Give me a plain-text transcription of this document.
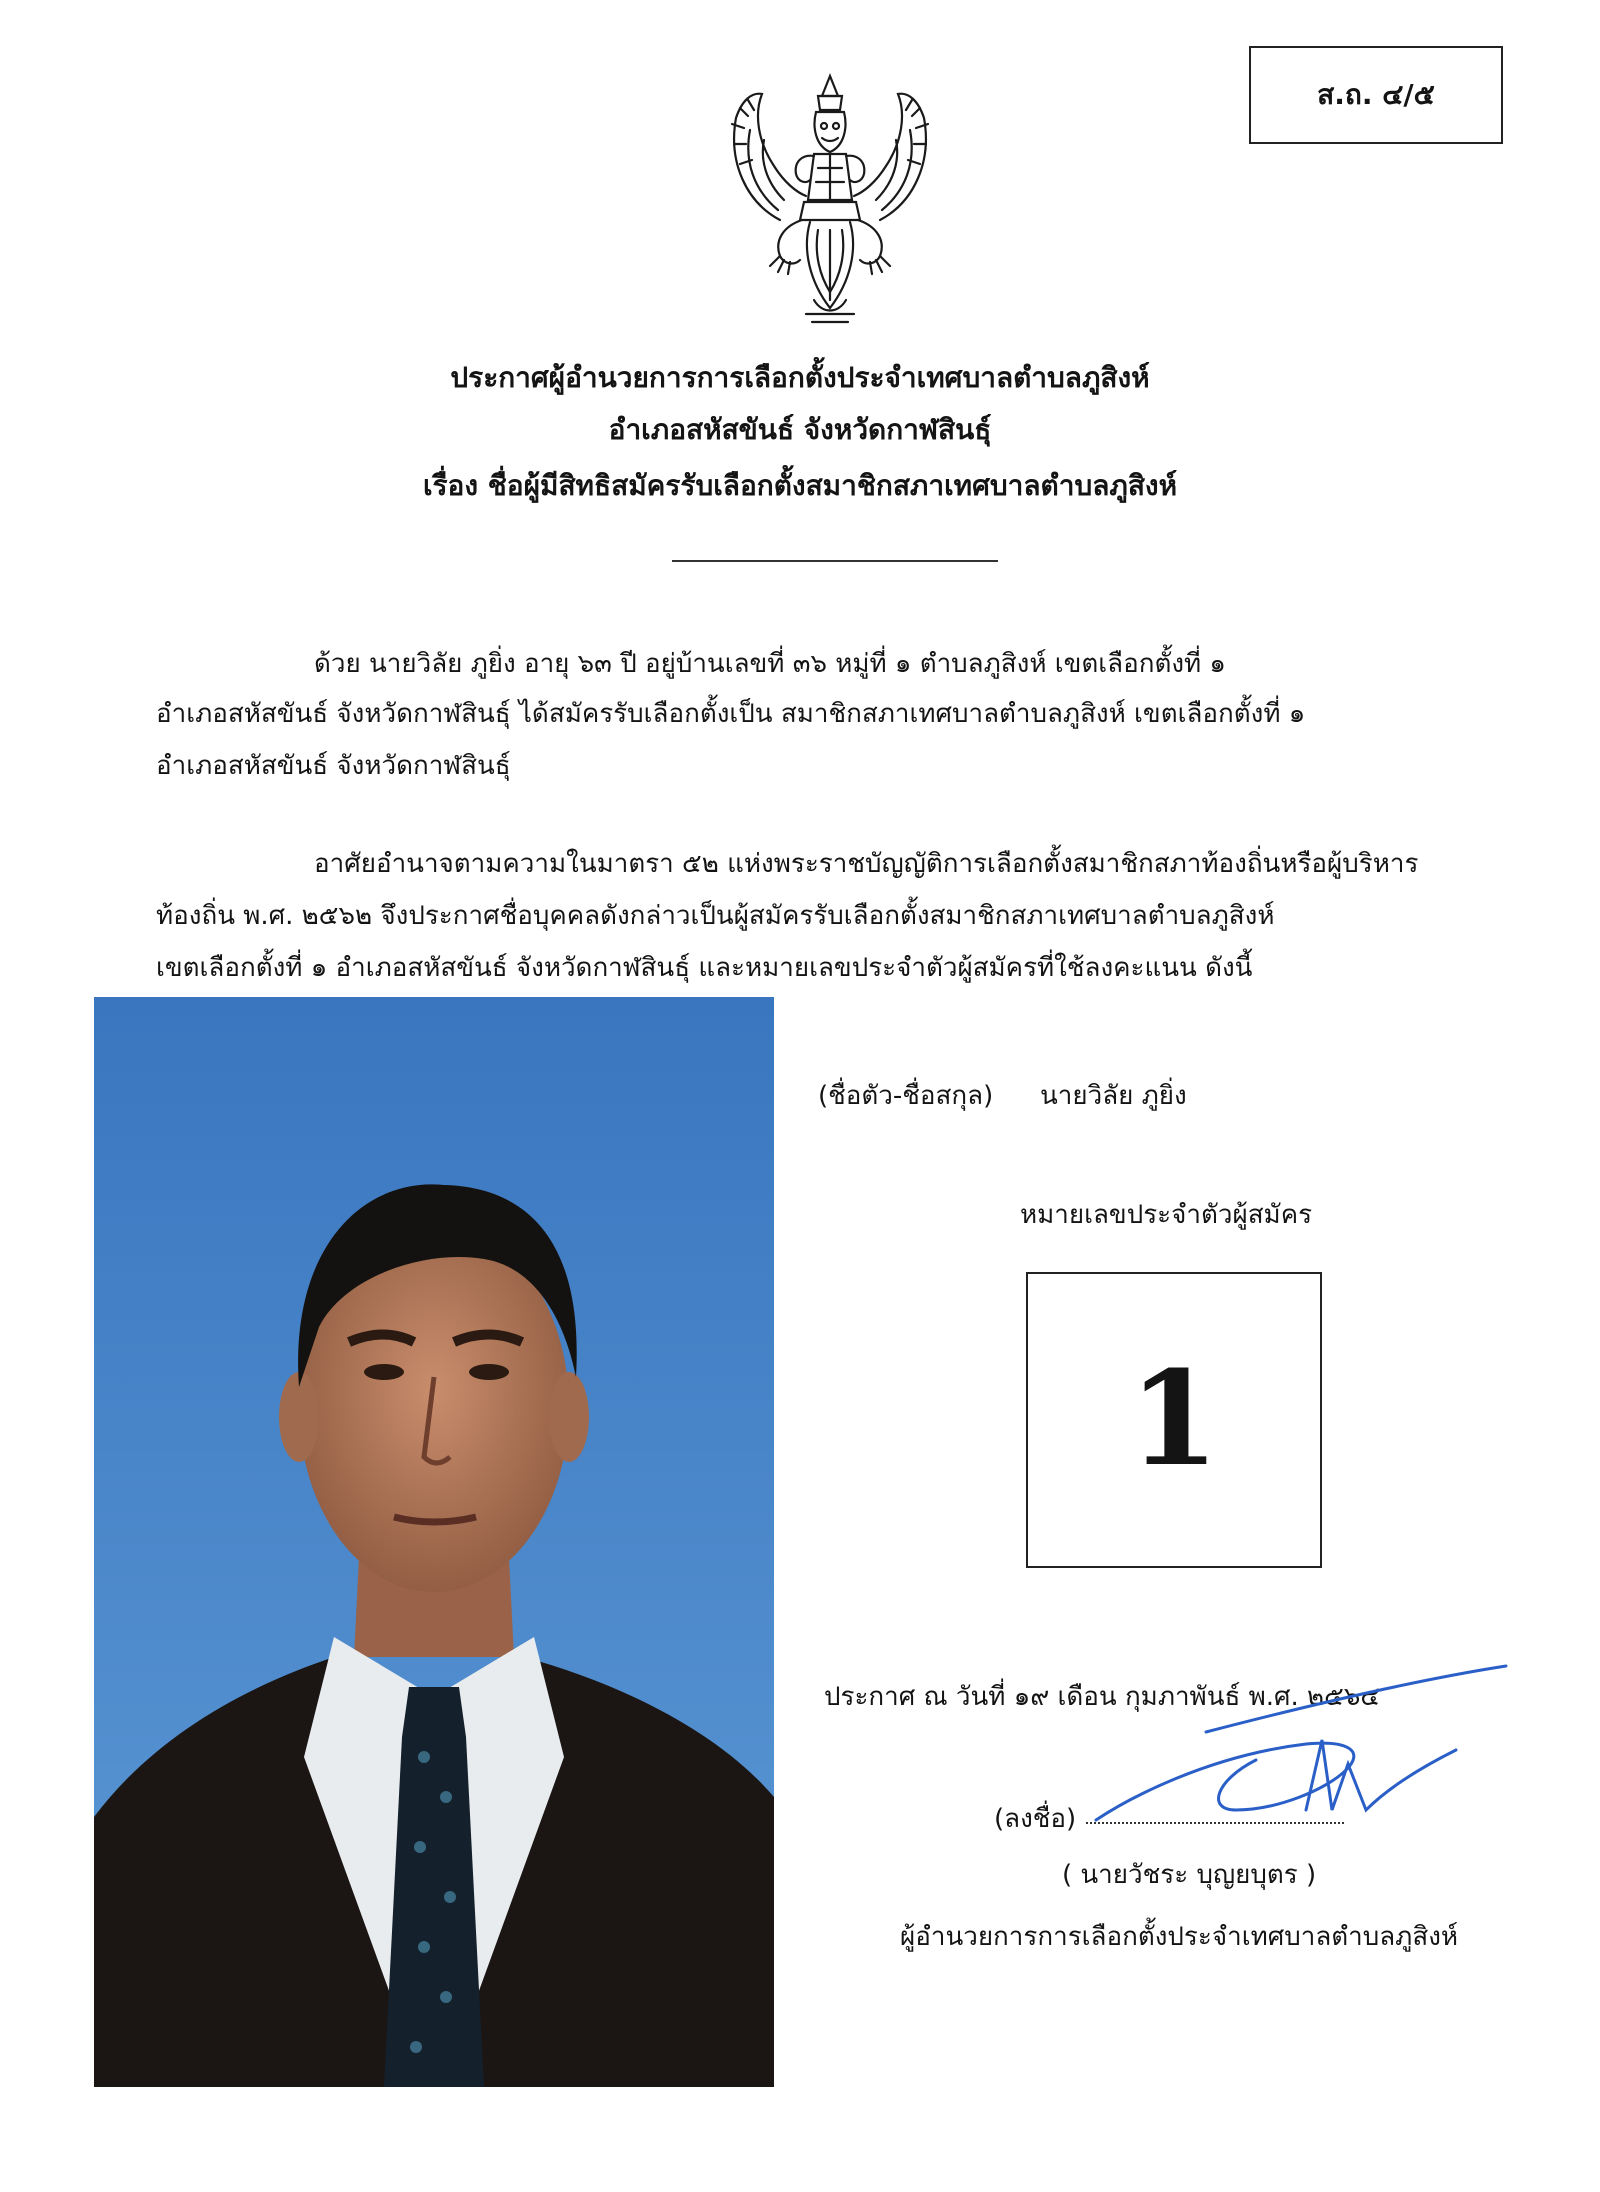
ส.ถ. ๔/๕
ประกาศผู้อำนวยการการเลือกตั้งประจำเทศบาลตำบลภูสิงห์
อำเภอสหัสขันธ์ จังหวัดกาฬสินธุ์
เรื่อง ชื่อผู้มีสิทธิสมัครรับเลือกตั้งสมาชิกสภาเทศบาลตำบลภูสิงห์
ด้วย นายวิลัย ภูยิ่ง อายุ ๖๓ ปี อยู่บ้านเลขที่ ๓๖ หมู่ที่ ๑ ตำบลภูสิงห์ เขตเลือกตั้งที่ ๑
อำเภอสหัสขันธ์ จังหวัดกาฬสินธุ์ ได้สมัครรับเลือกตั้งเป็น สมาชิกสภาเทศบาลตำบลภูสิงห์ เขตเลือกตั้งที่ ๑
อำเภอสหัสขันธ์ จังหวัดกาฬสินธุ์
อาศัยอำนาจตามความในมาตรา ๕๒ แห่งพระราชบัญญัติการเลือกตั้งสมาชิกสภาท้องถิ่นหรือผู้บริหาร
ท้องถิ่น พ.ศ. ๒๕๖๒ จึงประกาศชื่อบุคคลดังกล่าวเป็นผู้สมัครรับเลือกตั้งสมาชิกสภาเทศบาลตำบลภูสิงห์
เขตเลือกตั้งที่ ๑ อำเภอสหัสขันธ์ จังหวัดกาฬสินธุ์ และหมายเลขประจำตัวผู้สมัครที่ใช้ลงคะแนน ดังนี้
(ชื่อตัว-ชื่อสกุล) นายวิลัย ภูยิ่ง
หมายเลขประจำตัวผู้สมัคร
1
ประกาศ ณ วันที่ ๑๙ เดือน กุมภาพันธ์ พ.ศ. ๒๕๖๔
(ลงชื่อ)
( นายวัชระ บุญยบุตร )
ผู้อำนวยการการเลือกตั้งประจำเทศบาลตำบลภูสิงห์
